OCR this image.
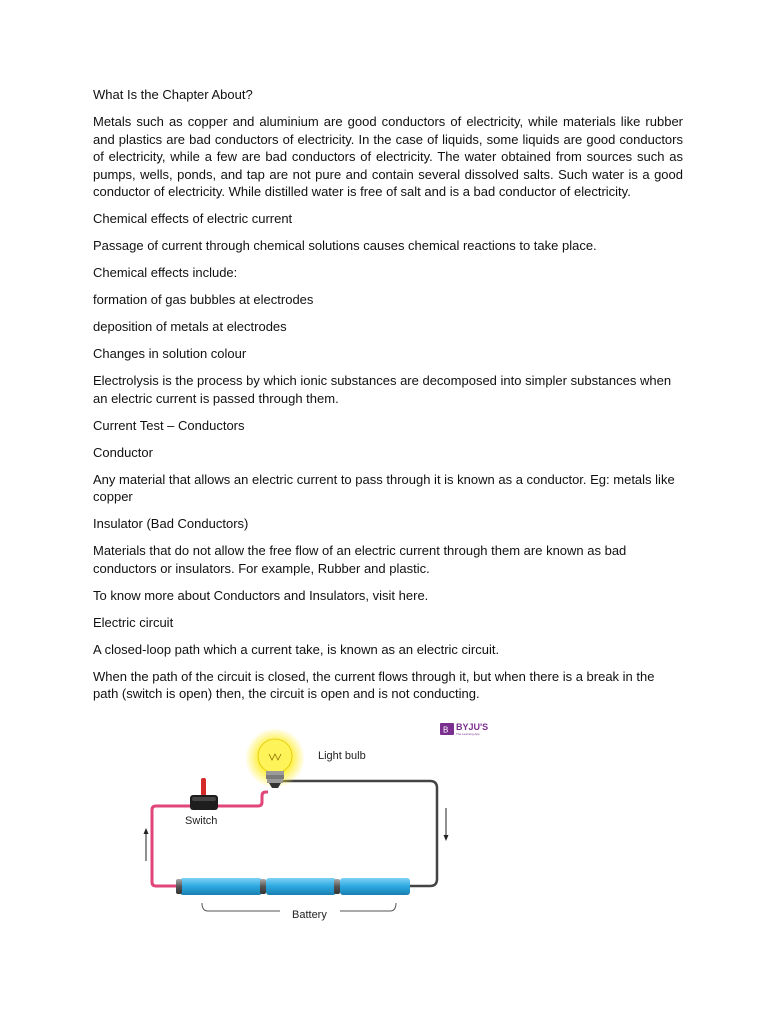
What Is the Chapter About?

Metals such as copper and aluminium are good conductors of electricity, while materials like rubber and plastics are bad conductors of electricity. In the case of liquids, some liquids are good conductors of electricity, while a few are bad conductors of electricity. The water obtained from sources such as pumps, wells, ponds, and tap are not pure and contain several dissolved salts. Such water is a good conductor of electricity. While distilled water is free of salt and is a bad conductor of electricity.

Chemical effects of electric current

Passage of current through chemical solutions causes chemical reactions to take place.

Chemical effects include:

formation of gas bubbles at electrodes

deposition of metals at electrodes

Changes in solution colour

Electrolysis is the process by which ionic substances are decomposed into simpler substances when an electric current is passed through them.

Current Test – Conductors

Conductor

Any material that allows an electric current to pass through it is known as a conductor. Eg: metals like copper

Insulator (Bad Conductors)

Materials that do not allow the free flow of an electric current through them are known as bad conductors or insulators. For example, Rubber and plastic.

To know more about Conductors and Insulators, visit here.

Electric circuit

A closed-loop path which a current take, is known as an electric circuit.

When the path of the circuit is closed, the current flows through it, but when there is a break in the path (switch is open) then, the circuit is open and is not conducting.

B BYJU'S
The Learning App
Switch
Light bulb
Battery
